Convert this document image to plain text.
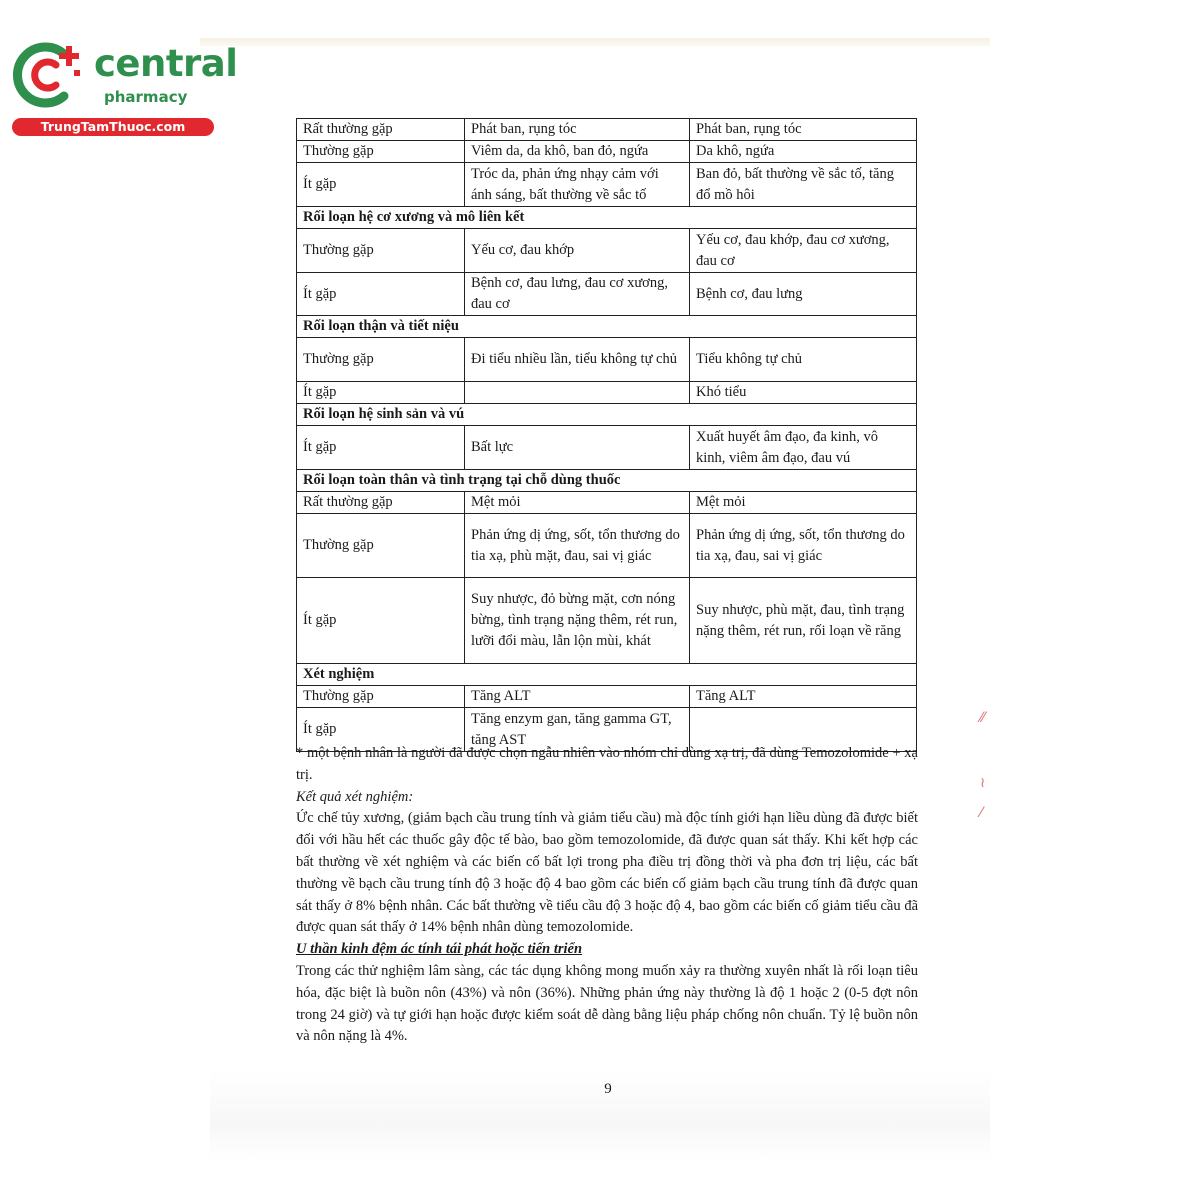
⁄⁄
≀
⁄
central
pharmacy
TrungTamThuoc.com	Rất thường gặp	Phát ban, rụng tóc	Phát ban, rụng tóc
Thường gặp	Viêm da, da khô, ban đỏ, ngứa	Da khô, ngứa
Ít gặp	Tróc da, phản ứng nhạy cảm với ánh sáng, bất thường về sắc tố	Ban đỏ, bất thường về sắc tố, tăng đổ mồ hôi
Rối loạn hệ cơ xương và mô liên kết		
Thường gặp	Yếu cơ, đau khớp	Yếu cơ, đau khớp, đau cơ xương, đau cơ
Ít gặp	Bệnh cơ, đau lưng, đau cơ xương, đau cơ	Bệnh cơ, đau lưng
Rối loạn thận và tiết niệu		
Thường gặp	Đi tiểu nhiều lần, tiểu không tự chủ	Tiểu không tự chủ
Ít gặp		Khó tiểu
Rối loạn hệ sinh sản và vú		
Ít gặp	Bất lực	Xuất huyết âm đạo, đa kinh, vô kinh, viêm âm đạo, đau vú
Rối loạn toàn thân và tình trạng tại chỗ dùng thuốc		
Rất thường gặp	Mệt mỏi	Mệt mỏi
Thường gặp	Phản ứng dị ứng, sốt, tổn thương do tia xạ, phù mặt, đau, sai vị giác	Phản ứng dị ứng, sốt, tổn thương do tia xạ, đau, sai vị giác
Ít gặp	Suy nhược, đỏ bừng mặt, cơn nóng bừng, tình trạng nặng thêm, rét run, lưỡi đổi màu, lẫn lộn mùi, khát	Suy nhược, phù mặt, đau, tình trạng nặng thêm, rét run, rối loạn về răng
Xét nghiệm		
Thường gặp	Tăng ALT	Tăng ALT
Ít gặp	Tăng enzym gan, tăng gamma GT, tăng AST	

* một bệnh nhân là người đã được chọn ngẫu nhiên vào nhóm chỉ dùng xạ trị, đã dùng Temozolomide + xạ trị.

Kết quả xét nghiệm:

Ức chế tủy xương, (giảm bạch cầu trung tính và giảm tiểu cầu) mà độc tính giới hạn liều dùng đã được biết đối với hầu hết các thuốc gây độc tế bào, bao gồm temozolomide, đã được quan sát thấy. Khi kết hợp các bất thường về xét nghiệm và các biến cố bất lợi trong pha điều trị đồng thời và pha đơn trị liệu, các bất thường về bạch cầu trung tính độ 3 hoặc độ 4 bao gồm các biến cố giảm bạch cầu trung tính đã được quan sát thấy ở 8% bệnh nhân. Các bất thường về tiểu cầu độ 3 hoặc độ 4, bao gồm các biến cố giảm tiểu cầu đã được quan sát thấy ở 14% bệnh nhân dùng temozolomide.

U thần kinh đệm ác tính tái phát hoặc tiến triển

Trong các thử nghiệm lâm sàng, các tác dụng không mong muốn xảy ra thường xuyên nhất là rối loạn tiêu hóa, đặc biệt là buồn nôn (43%) và nôn (36%). Những phản ứng này thường là độ 1 hoặc 2 (0-5 đợt nôn trong 24 giờ) và tự giới hạn hoặc được kiểm soát dễ dàng bằng liệu pháp chống nôn chuẩn. Tỷ lệ buồn nôn và nôn nặng là 4%.

9
